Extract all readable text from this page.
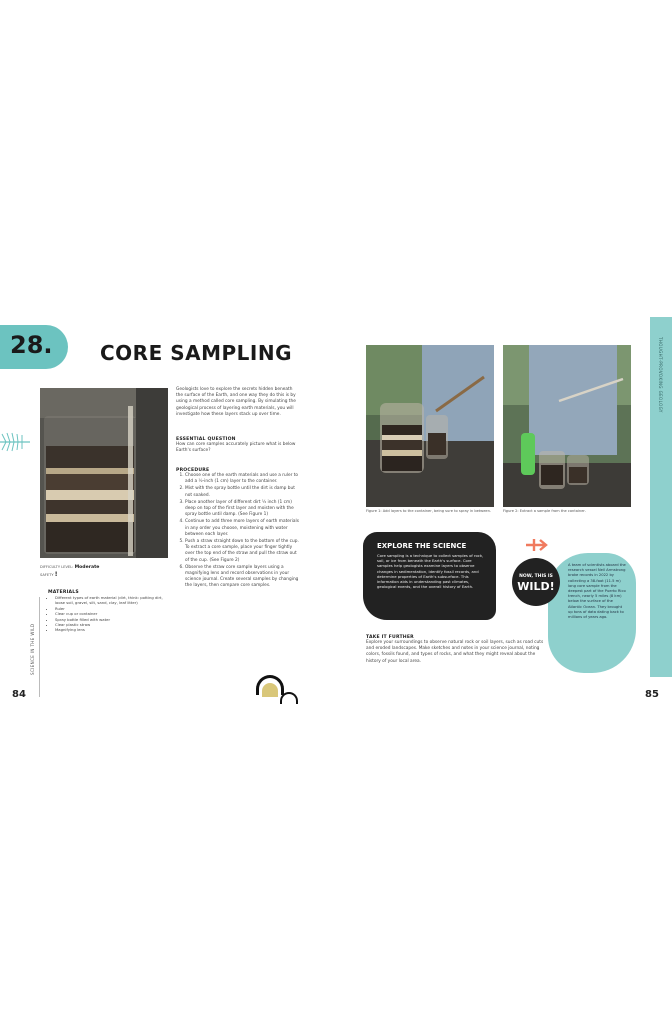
28. CORE SAMPLING
DIFFICULTY LEVEL: Moderate
SAFETY !
MATERIALS
• Different types of earth material (dirt, think: potting dirt, loose soil, gravel, silt, sand, clay, leaf litter)
• Ruler
• Clear cup or container
• Spray bottle filled with water
• Clear plastic straw
• Magnifying lens
SCIENCE IN THE WILD
84
Geologists love to explore the secrets hidden beneath the surface of the Earth, and one way they do this is by using a method called core sampling. By simulating the geological process of layering earth materials, you will investigate how these layers stack up over time.
ESSENTIAL QUESTION
How can core samples accurately picture what is below Earth's surface?
PROCEDURE
1. Choose one of the earth materials and use a ruler to add a ½-inch (1 cm) layer to the container.
2. Mist with the spray bottle until the dirt is damp but not soaked.
3. Place another layer of different dirt ½ inch (1 cm) deep on top of the first layer and moisten with the spray bottle until damp. (See Figure 1)
4. Continue to add three more layers of earth materials in any order you choose, moistening with water between each layer.
5. Push a straw straight down to the bottom of the cup. To extract a core sample, place your finger tightly over the top end of the straw and pull the straw out of the cup. (See Figure 2)
6. Observe the straw core sample layers using a magnifying lens and record observations in your science journal. Create several samples by changing the layers, then compare core samples.
Figure 1: Add layers to the container, being sure to spray in between.	Figure 2: Extract a sample from the container.
THOUGHT-PROVOKING GEOLOGY
EXPLORE THE SCIENCE
Core sampling is a technique to collect samples of rock, soil, or ice from beneath the Earth's surface. Core samples help geologists examine layers to observe changes in sedimentation, identify fossil records, and determine properties of Earth's subsurface. This information aids in understanding past climates, geological events, and the overall history of Earth.
A team of scientists aboard the research vessel Neil Armstrong broke records in 2022 by collecting a 38-foot (11.5 m) long core sample from the deepest part of the Puerto Rico trench, nearly 5 miles (8 km) below the surface of the Atlantic Ocean. They brought up tons of data dating back to millions of years ago.
NOW, THIS IS
WILD!
TAKE IT FURTHER
Explore your surroundings to observe natural rock or soil layers, such as road cuts and eroded landscapes. Make sketches and notes in your science journal, noting colors, fossils found, and types of rocks, and what they might reveal about the history of your local area.
85
